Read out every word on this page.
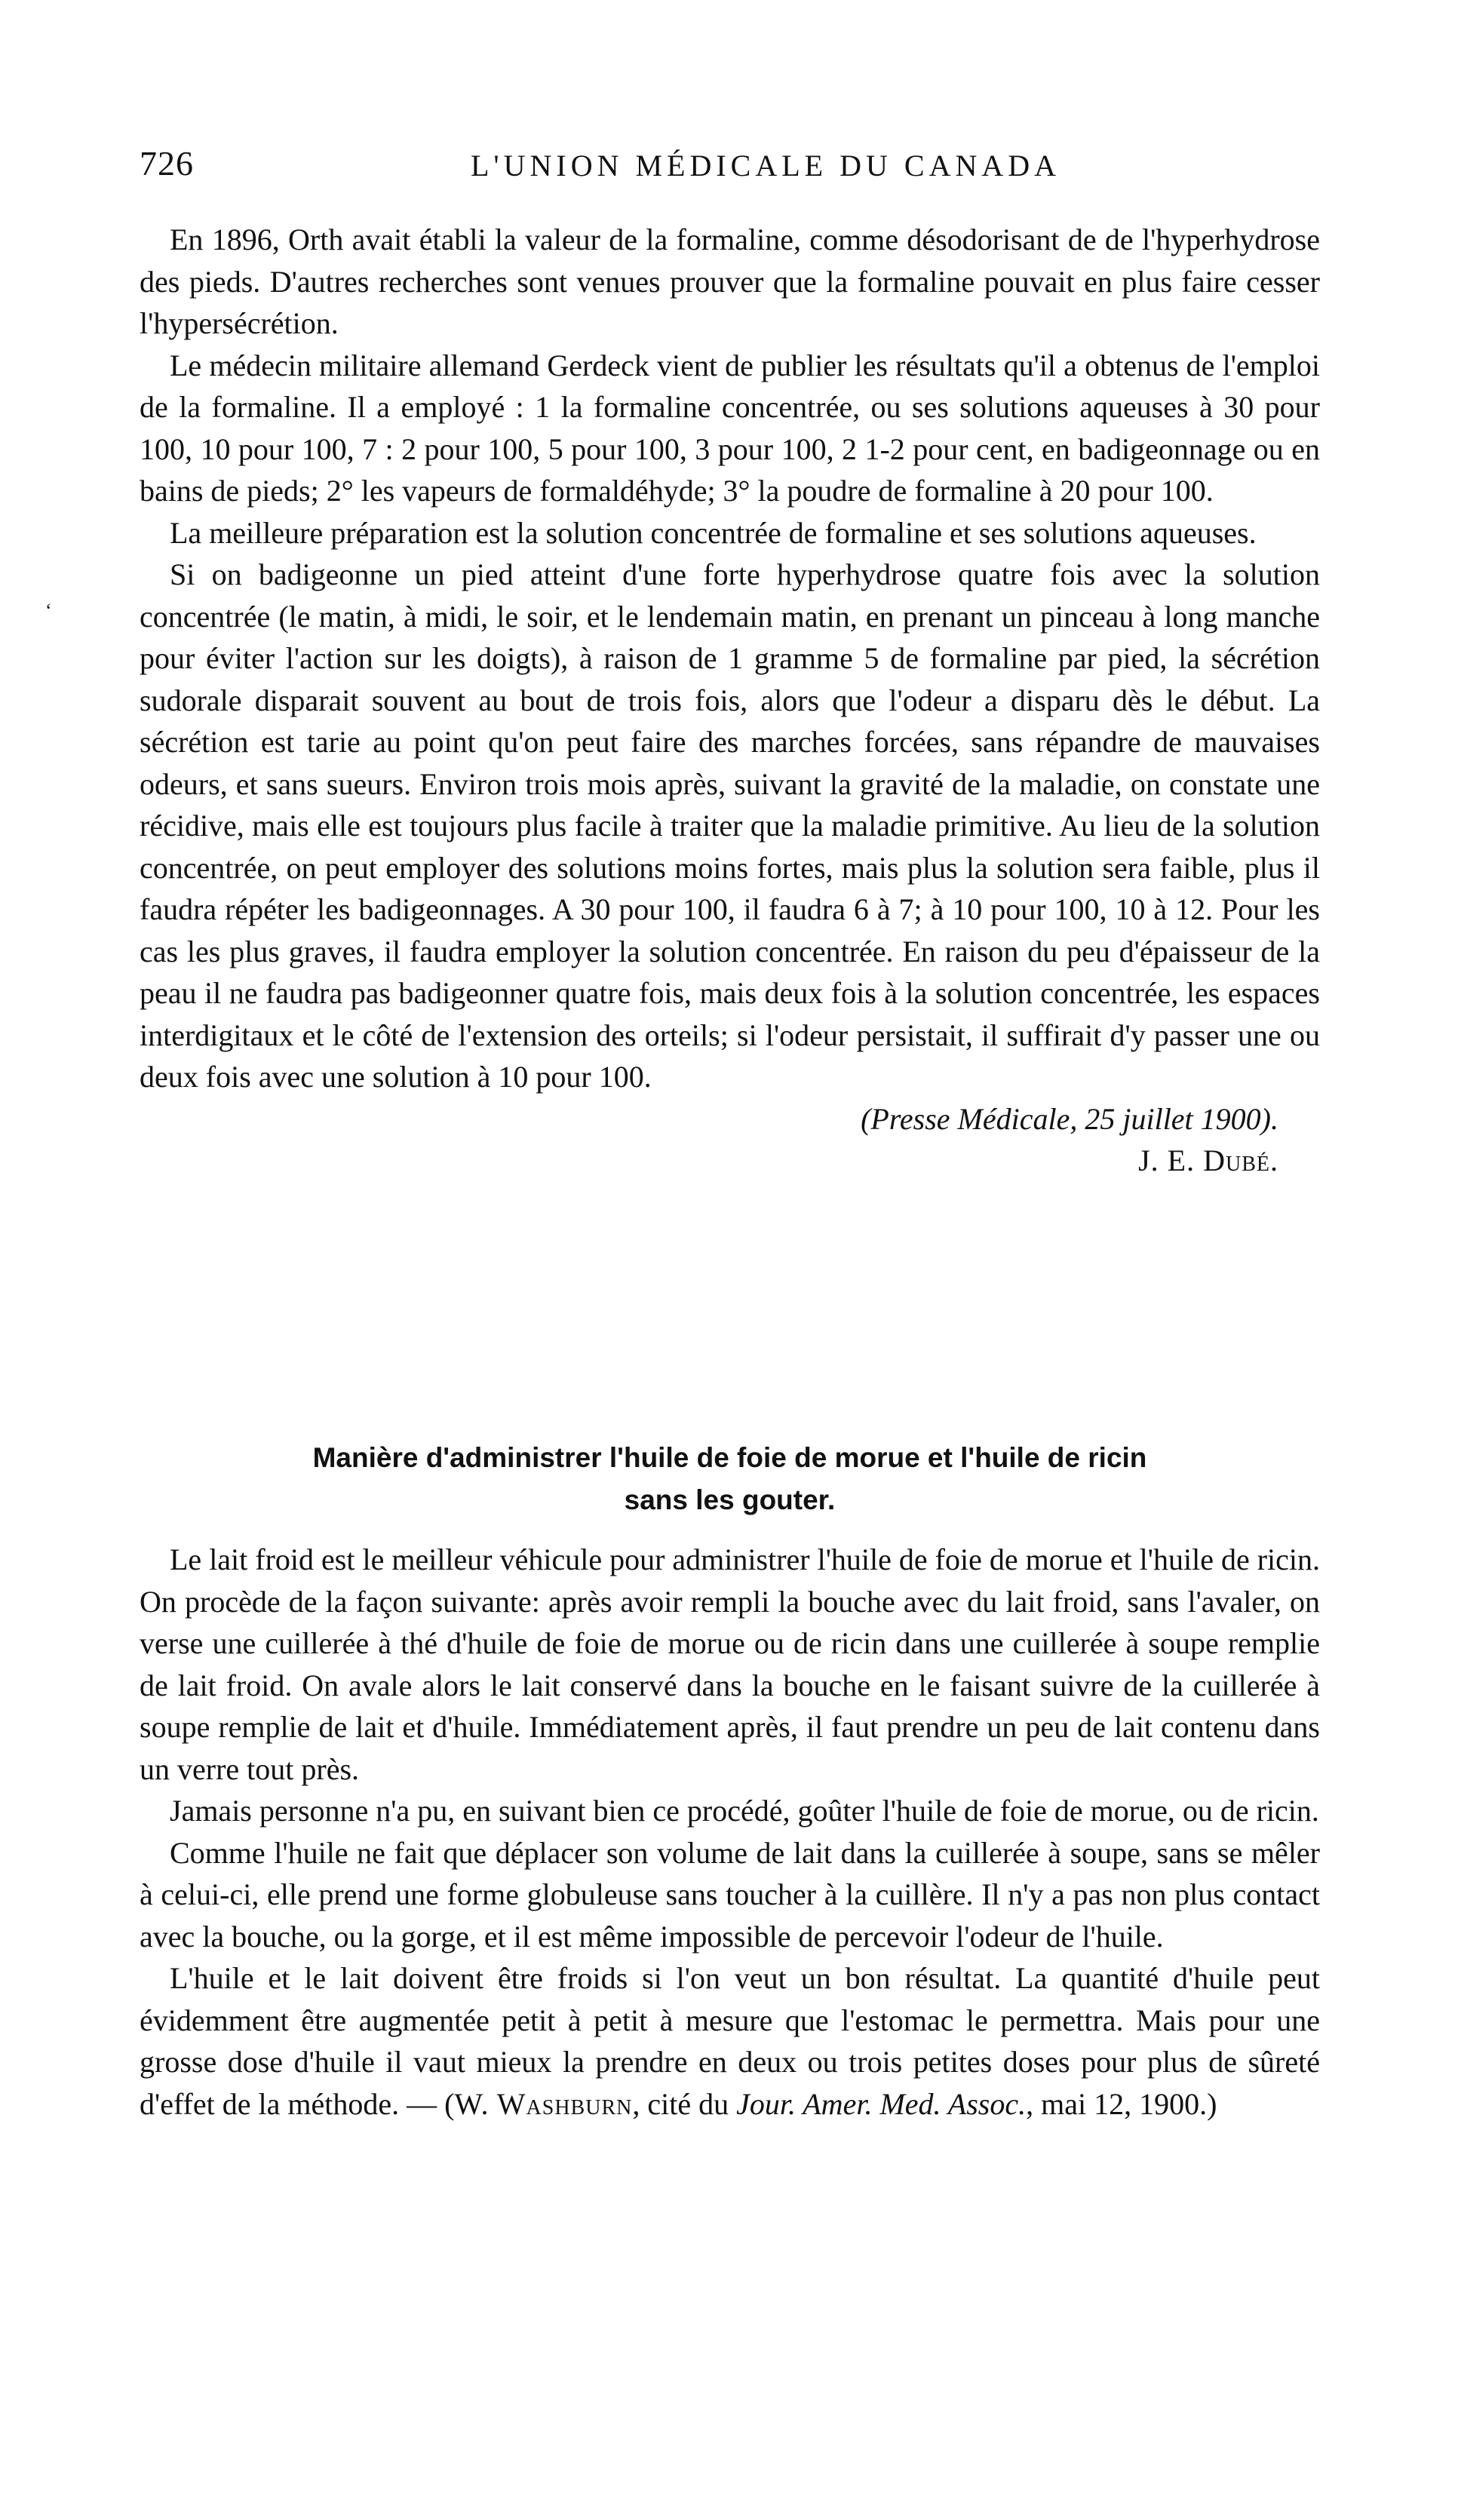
‘
726	L'UNION MÉDICALE DU CANADA

En 1896, Orth avait établi la valeur de la formaline, comme désodorisant de de l'hyperhydrose des pieds. D'autres recherches sont venues prouver que la formaline pouvait en plus faire cesser l'hypersécrétion.

Le médecin militaire allemand Gerdeck vient de publier les résultats qu'il a obtenus de l'emploi de la formaline. Il a employé : 1 la formaline concentrée, ou ses solutions aqueuses à 30 pour 100, 10 pour 100, 7 : 2 pour 100, 5 pour 100, 3 pour 100, 2 1-2 pour cent, en badigeonnage ou en bains de pieds; 2° les vapeurs de formaldéhyde; 3° la poudre de formaline à 20 pour 100.

La meilleure préparation est la solution concentrée de formaline et ses solutions aqueuses.

Si on badigeonne un pied atteint d'une forte hyperhydrose quatre fois avec la solution concentrée (le matin, à midi, le soir, et le lendemain matin, en prenant un pinceau à long manche pour éviter l'action sur les doigts), à raison de 1 gramme 5 de formaline par pied, la sécrétion sudorale disparait souvent au bout de trois fois, alors que l'odeur a disparu dès le début. La sécrétion est tarie au point qu'on peut faire des marches forcées, sans répandre de mauvaises odeurs, et sans sueurs. Environ trois mois après, suivant la gravité de la maladie, on constate une récidive, mais elle est toujours plus facile à traiter que la maladie primitive. Au lieu de la solution concentrée, on peut employer des solutions moins fortes, mais plus la solution sera faible, plus il faudra répéter les badigeonnages. A 30 pour 100, il faudra 6 à 7; à 10 pour 100, 10 à 12. Pour les cas les plus graves, il faudra employer la solution concentrée. En raison du peu d'épaisseur de la peau il ne faudra pas badigeonner quatre fois, mais deux fois à la solution concentrée, les espaces interdigitaux et le côté de l'extension des orteils; si l'odeur persistait, il suffirait d'y passer une ou deux fois avec une solution à 10 pour 100.

(Presse Médicale, 25 juillet 1900).

J. E. Dubé.

Manière d'administrer l'huile de foie de morue et l'huile de ricin
sans les gouter.

Le lait froid est le meilleur véhicule pour administrer l'huile de foie de morue et l'huile de ricin. On procède de la façon suivante: après avoir rempli la bouche avec du lait froid, sans l'avaler, on verse une cuillerée à thé d'huile de foie de morue ou de ricin dans une cuillerée à soupe remplie de lait froid. On avale alors le lait conservé dans la bouche en le faisant suivre de la cuillerée à soupe remplie de lait et d'huile. Immédiatement après, il faut prendre un peu de lait contenu dans un verre tout près.

Jamais personne n'a pu, en suivant bien ce procédé, goûter l'huile de foie de morue, ou de ricin.

Comme l'huile ne fait que déplacer son volume de lait dans la cuillerée à soupe, sans se mêler à celui-ci, elle prend une forme globuleuse sans toucher à la cuillère. Il n'y a pas non plus contact avec la bouche, ou la gorge, et il est même impossible de percevoir l'odeur de l'huile.

L'huile et le lait doivent être froids si l'on veut un bon résultat. La quantité d'huile peut évidemment être augmentée petit à petit à mesure que l'estomac le permettra. Mais pour une grosse dose d'huile il vaut mieux la prendre en deux ou trois petites doses pour plus de sûreté d'effet de la méthode. — (W. Washburn, cité du Jour. Amer. Med. Assoc., mai 12, 1900.)
